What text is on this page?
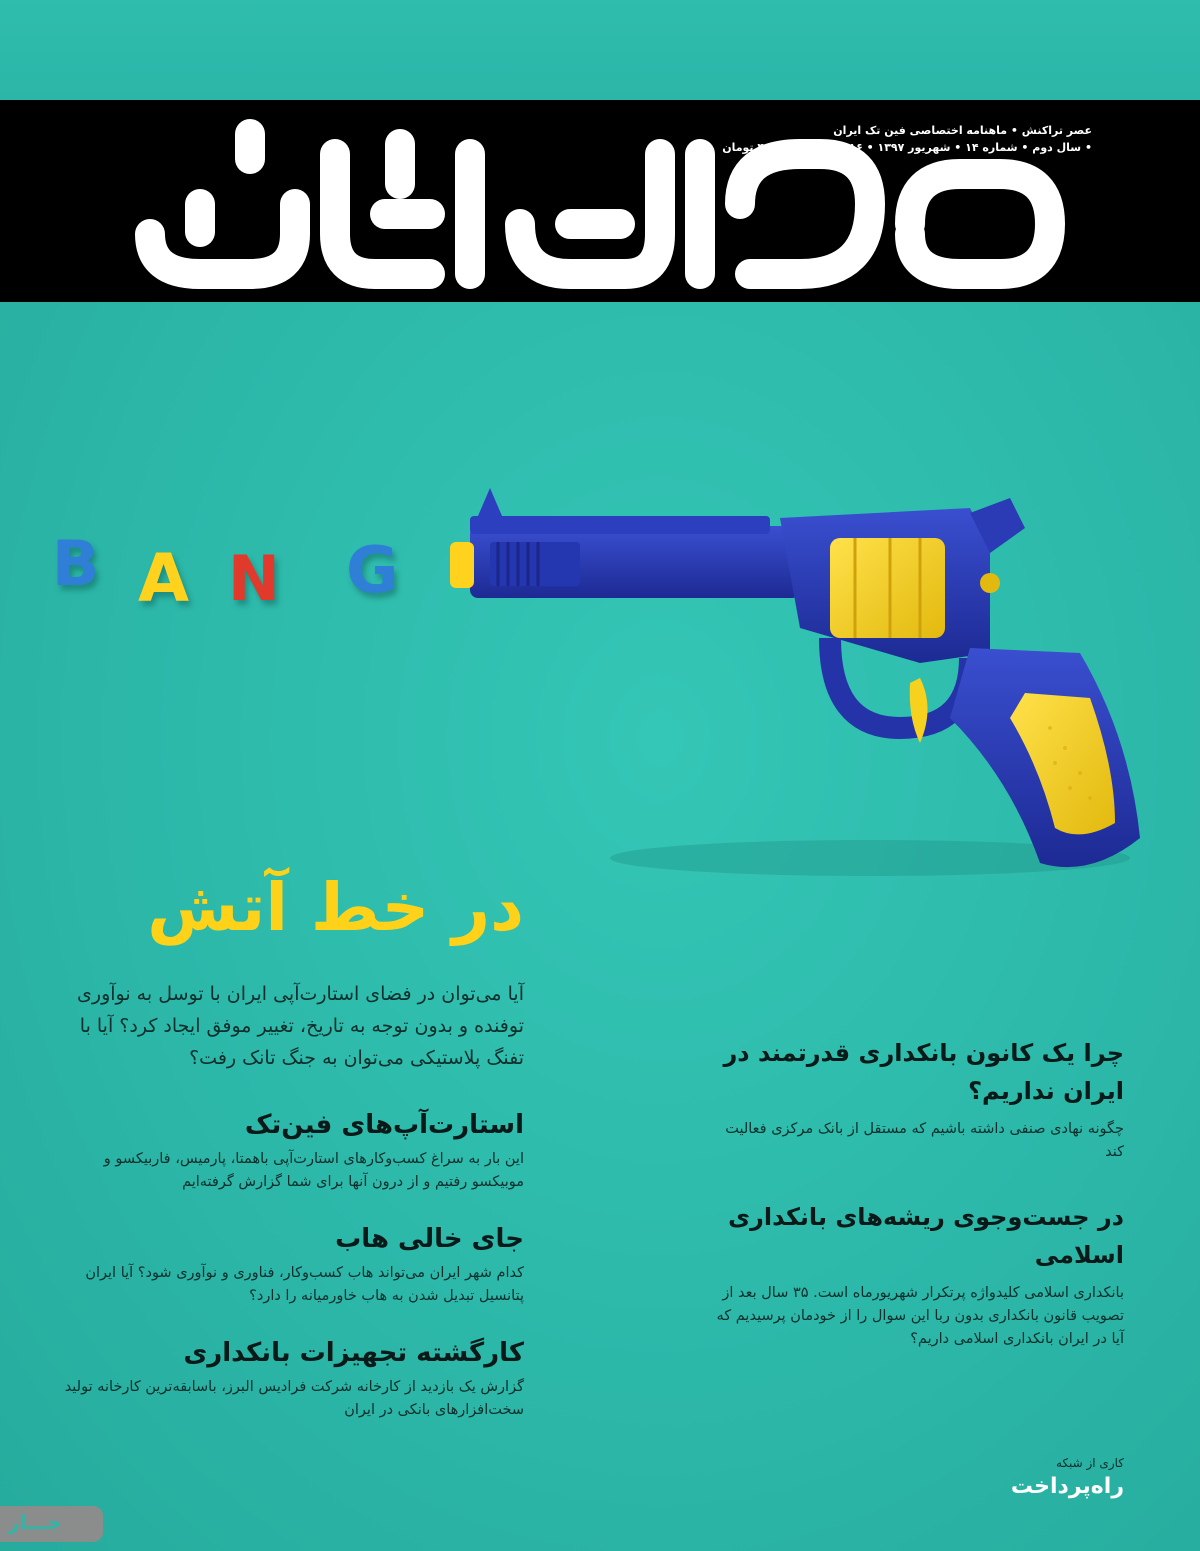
عصر تراکنش • ماهنامه اختصاصی فین تک ایران
• سال دوم • شماره ۱۴ • شهریور ۱۳۹۷ • ۱۱۶ صفحه • ۴۰۰۰۰ تومان
B A N G
در خط آتش
آیا می‌توان در فضای استارت‌آپی ایران با توسل به نوآوری توفنده و بدون توجه به تاریخ، تغییر موفق ایجاد کرد؟ آیا با تفنگ پلاستیکی می‌توان به جنگ تانک رفت؟
استارت‌آپ‌های فین‌تک
این بار به سراغ کسب‌وکارهای استارت‌آپی باهمتا، پارمیس، فاربیکسو و موبیکسو رفتیم و از درون آنها برای شما گزارش گرفته‌ایم
جای خالی هاب
کدام شهر ایران می‌تواند هاب کسب‌وکار، فناوری و نوآوری شود؟ آیا ایران پتانسیل تبدیل شدن به هاب خاورمیانه را دارد؟
کارگشته تجهیزات بانکداری
گزارش یک بازدید از کارخانه شرکت فرادیس البرز، باسابقه‌ترین کارخانه تولید سخت‌افزارهای بانکی در ایران
چرا یک کانون بانکداری قدرتمند در ایران نداریم؟
چگونه نهادی صنفی داشته باشیم که مستقل از بانک مرکزی فعالیت کند
در جست‌وجوی ریشه‌های بانکداری اسلامی
بانکداری اسلامی کلیدواژه پرتکرار شهریورماه است. ۳۵ سال بعد از تصویب قانون بانکداری بدون ربا این سوال را از خودمان پرسیدیم که آیا در ایران بانکداری اسلامی داریم؟
کاری از شبکه
راه‌پرداخت
جـــار
